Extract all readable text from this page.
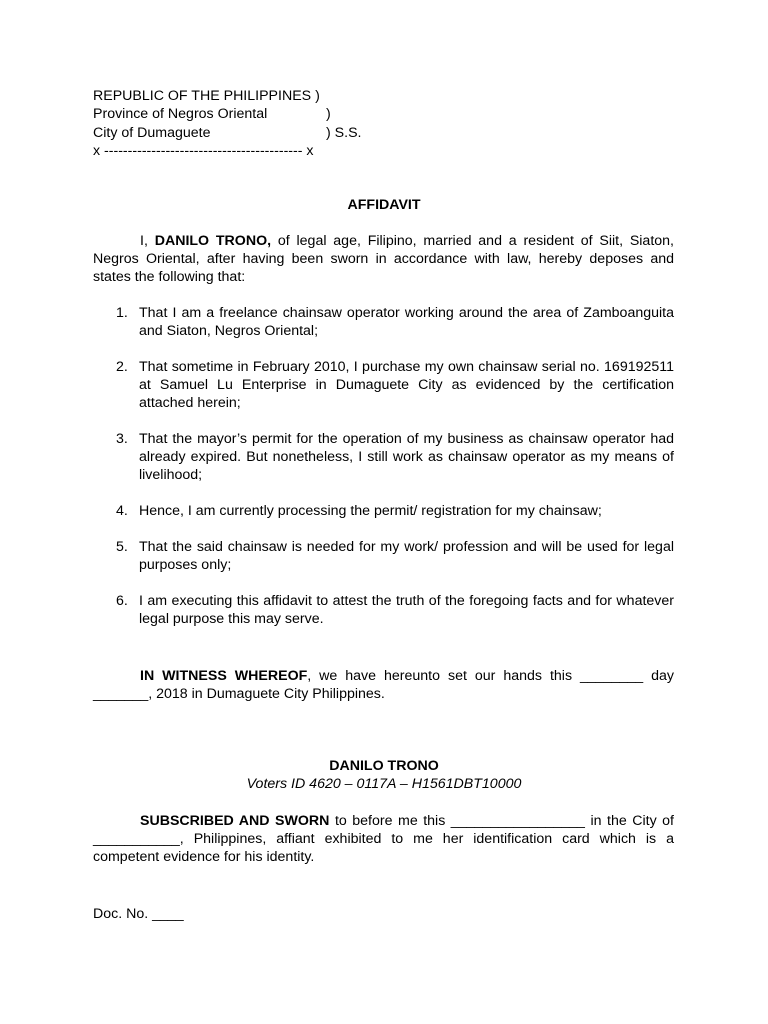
REPUBLIC OF THE PHILIPPINES )
Province of Negros Oriental	)
City of Dumaguete	) S.S.
x ------------------------------------------ x
AFFIDAVIT
I, DANILO TRONO, of legal age, Filipino, married and a resident of Siit, Siaton, Negros Oriental, after having been sworn in accordance with law, hereby deposes and states the following that:
1. That I am a freelance chainsaw operator working around the area of Zamboanguita and Siaton, Negros Oriental;
2. That sometime in February 2010, I purchase my own chainsaw serial no. 169192511 at Samuel Lu Enterprise in Dumaguete City as evidenced by the certification attached herein;
3. That the mayor’s permit for the operation of my business as chainsaw operator had already expired. But nonetheless, I still work as chainsaw operator as my means of livelihood;
4. Hence, I am currently processing the permit/ registration for my chainsaw;
5. That the said chainsaw is needed for my work/ profession and will be used for legal purposes only;
6. I am executing this affidavit to attest the truth of the foregoing facts and for whatever legal purpose this may serve.
IN WITNESS WHEREOF, we have hereunto set our hands this ________ day _______, 2018 in Dumaguete City Philippines.
DANILO TRONO
Voters ID 4620 – 0117A – H1561DBT10000
SUBSCRIBED AND SWORN to before me this _________________ in the City of ___________, Philippines, affiant exhibited to me her identification card which is a competent evidence for his identity.
Doc. No. ____
